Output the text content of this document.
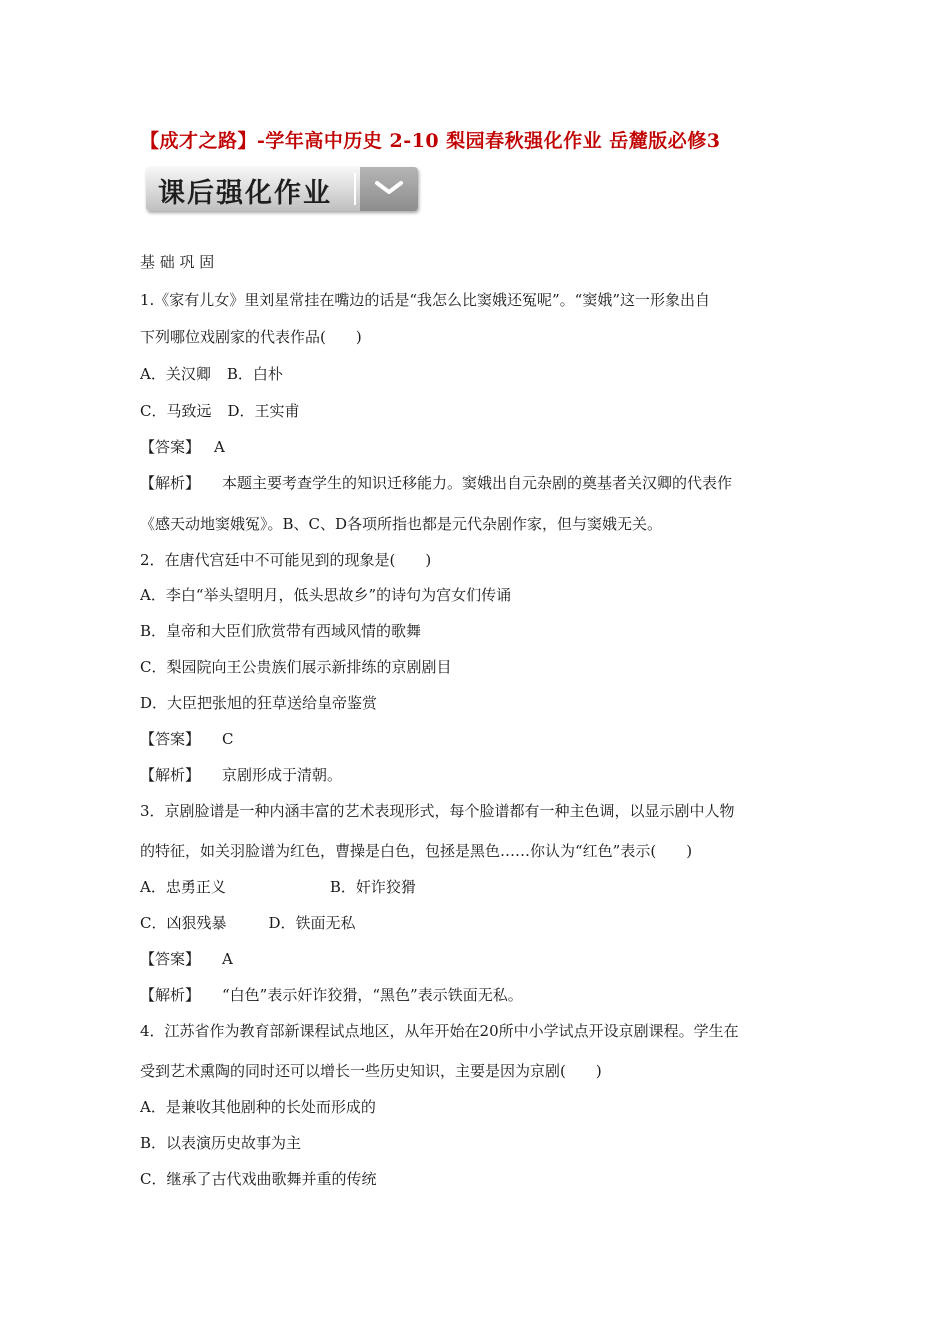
【成才之路】-学年高中历史 2-10 梨园春秋强化作业 岳麓版必修3
课后强化作业
基 础 巩 固
1.《家有儿女》里刘星常挂在嘴边的话是“我怎么比窦娥还冤呢”。“窦娥”这一形象出自
下列哪位戏剧家的代表作品(　　)
A．关汉卿 B．白朴
C．马致远 D．王实甫
【答案】 A
【解析】 本题主要考查学生的知识迁移能力。窦娥出自元杂剧的奠基者关汉卿的代表作
《感天动地窦娥冤》。B、C、D各项所指也都是元代杂剧作家，但与窦娥无关。
2．在唐代宫廷中不可能见到的现象是(　　)
A．李白“举头望明月，低头思故乡”的诗句为宫女们传诵
B．皇帝和大臣们欣赏带有西域风情的歌舞
C．梨园院向王公贵族们展示新排练的京剧剧目
D．大臣把张旭的狂草送给皇帝鉴赏
【答案】 C
【解析】 京剧形成于清朝。
3．京剧脸谱是一种内涵丰富的艺术表现形式，每个脸谱都有一种主色调，以显示剧中人物
的特征，如关羽脸谱为红色，曹操是白色，包拯是黑色……你认为“红色”表示(　　)
A．忠勇正义	B．奸诈狡猾
C．凶狠残暴	D．铁面无私
【答案】 A
【解析】 “白色”表示奸诈狡猾，“黑色”表示铁面无私。
4．江苏省作为教育部新课程试点地区，从年开始在20所中小学试点开设京剧课程。学生在
受到艺术熏陶的同时还可以增长一些历史知识，主要是因为京剧(　　)
A．是兼收其他剧种的长处而形成的
B．以表演历史故事为主
C．继承了古代戏曲歌舞并重的传统
